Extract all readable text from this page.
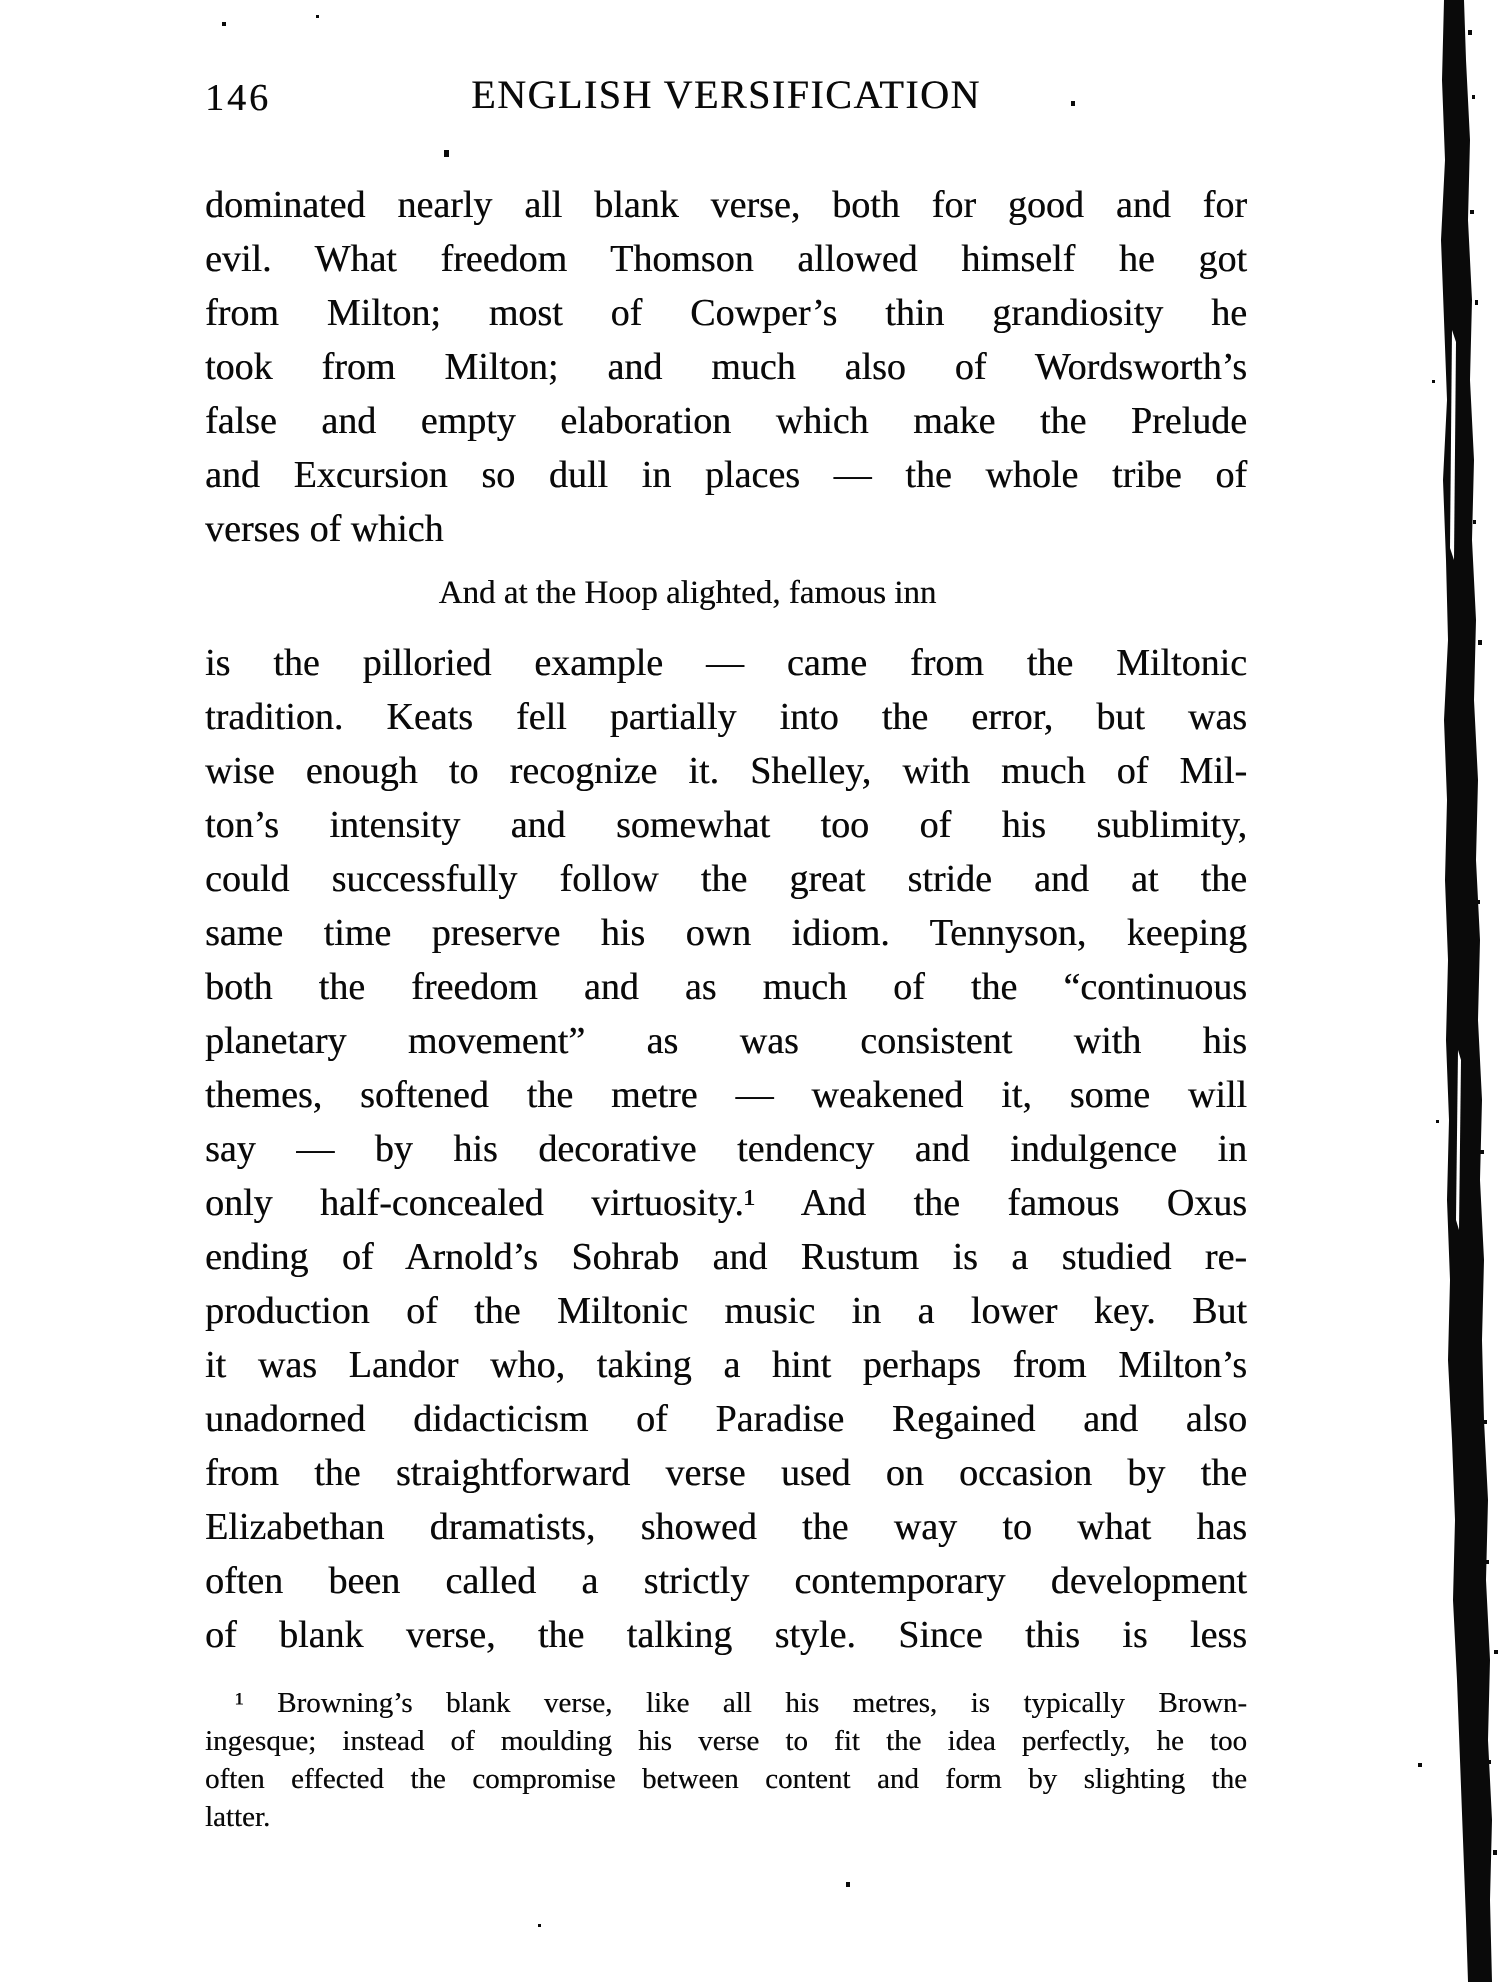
146	ENGLISH VERSIFICATION
dominated nearly all blank verse, both for good and for
evil. What freedom Thomson allowed himself he got
from Milton; most of Cowper’s thin grandiosity he
took from Milton; and much also of Wordsworth’s
false and empty elaboration which make the Prelude
and Excursion so dull in places — the whole tribe of
verses of which
And at the Hoop alighted, famous inn
is the pilloried example — came from the Miltonic
tradition. Keats fell partially into the error, but was
wise enough to recognize it. Shelley, with much of Mil-
ton’s intensity and somewhat too of his sublimity,
could successfully follow the great stride and at the
same time preserve his own idiom. Tennyson, keeping
both the freedom and as much of the “continuous
planetary movement” as was consistent with his
themes, softened the metre — weakened it, some will
say — by his decorative tendency and indulgence in
only half-concealed virtuosity.¹ And the famous Oxus
ending of Arnold’s Sohrab and Rustum is a studied re-
production of the Miltonic music in a lower key. But
it was Landor who, taking a hint perhaps from Milton’s
unadorned didacticism of Paradise Regained and also
from the straightforward verse used on occasion by the
Elizabethan dramatists, showed the way to what has
often been called a strictly contemporary development
of blank verse, the talking style. Since this is less
¹ Browning’s blank verse, like all his metres, is typically Brown-
ingesque; instead of moulding his verse to fit the idea perfectly, he too
often effected the compromise between content and form by slighting the
latter.
